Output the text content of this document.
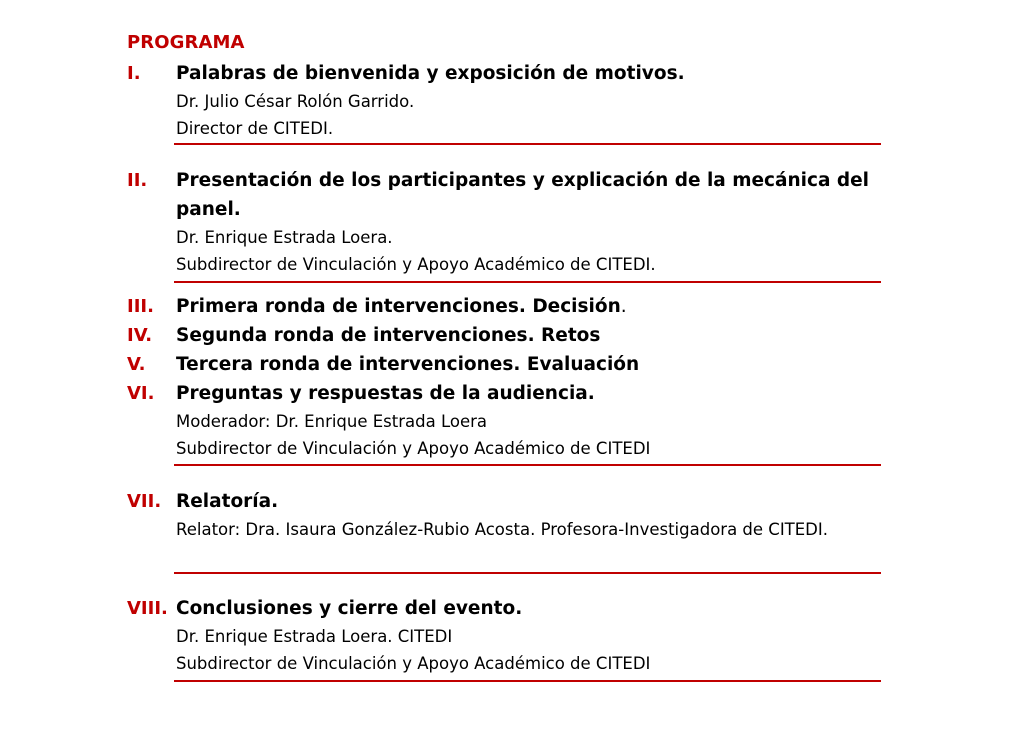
PROGRAMA
I. Palabras de bienvenida y exposición de motivos.
Dr. Julio César Rolón Garrido.
Director de CITEDI.
II. Presentación de los participantes y explicación de la mecánica del panel.
Dr. Enrique Estrada Loera.
Subdirector de Vinculación y Apoyo Académico de CITEDI.
III. Primera ronda de intervenciones. Decisión.
IV. Segunda ronda de intervenciones. Retos
V. Tercera ronda de intervenciones. Evaluación
VI. Preguntas y respuestas de la audiencia.
Moderador: Dr. Enrique Estrada Loera
Subdirector de Vinculación y Apoyo Académico de CITEDI
VII. Relatoría.
Relator: Dra. Isaura González-Rubio Acosta. Profesora-Investigadora de CITEDI.
VIII. Conclusiones y cierre del evento.
Dr. Enrique Estrada Loera. CITEDI
Subdirector de Vinculación y Apoyo Académico de CITEDI
